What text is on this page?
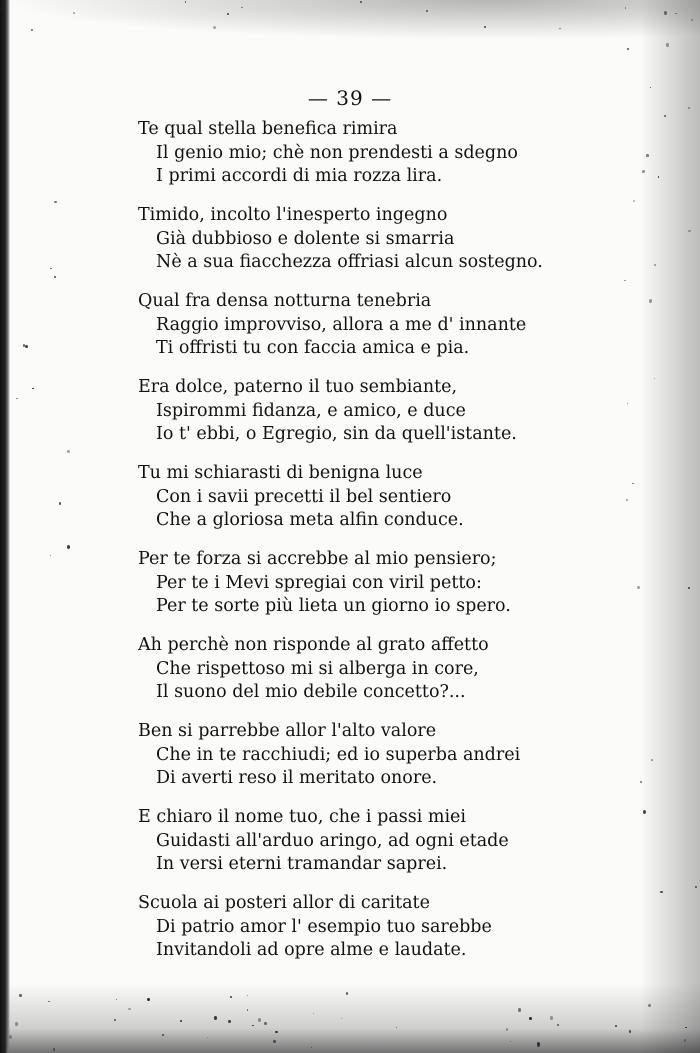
— 39 —
Te qual stella benefica rimira
Il genio mio; chè non prendesti a sdegno
I primi accordi di mia rozza lira.
Timido, incolto l'inesperto ingegno
Già dubbioso e dolente si smarria
Nè a sua fiacchezza offriasi alcun sostegno.
Qual fra densa notturna tenebria
Raggio improvviso, allora a me d' innante
Ti offristi tu con faccia amica e pia.
Era dolce, paterno il tuo sembiante,
Ispirommi fidanza, e amico, e duce
Io t' ebbi, o Egregio, sin da quell'istante.
Tu mi schiarasti di benigna luce
Con i savii precetti il bel sentiero
Che a gloriosa meta alfin conduce.
Per te forza si accrebbe al mio pensiero;
Per te i Mevi spregiai con viril petto:
Per te sorte più lieta un giorno io spero.
Ah perchè non risponde al grato affetto
Che rispettoso mi si alberga in core,
Il suono del mio debile concetto?...
Ben si parrebbe allor l'alto valore
Che in te racchiudi; ed io superba andrei
Di averti reso il meritato onore.
E chiaro il nome tuo, che i passi miei
Guidasti all'arduo aringo, ad ogni etade
In versi eterni tramandar saprei.
Scuola ai posteri allor di caritate
Di patrio amor l' esempio tuo sarebbe
Invitandoli ad opre alme e laudate.
